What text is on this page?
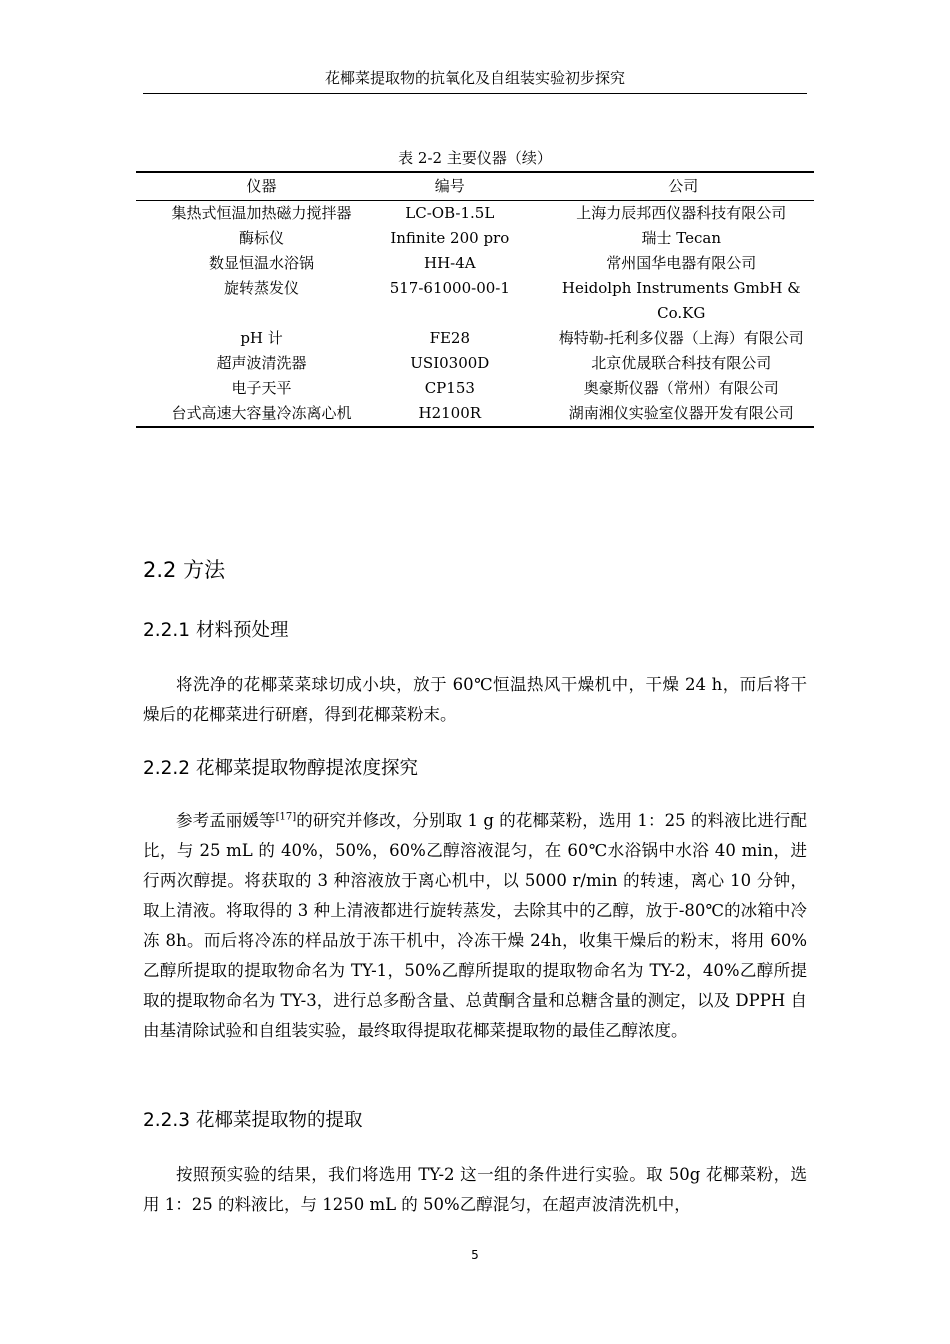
花椰菜提取物的抗氧化及自组装实验初步探究
表 2-2 主要仪器（续）
仪器	编号	公司
集热式恒温加热磁力搅拌器	LC-OB-1.5L	上海力辰邦西仪器科技有限公司
酶标仪	Infinite 200 pro	瑞士 Tecan
数显恒温水浴锅	HH-4A	常州国华电器有限公司
旋转蒸发仪	517-61000-00-1	Heidolph Instruments GmbH & Co.KG
pH 计	FE28	梅特勒-托利多仪器（上海）有限公司
超声波清洗器	USI0300D	北京优晟联合科技有限公司
电子天平	CP153	奥豪斯仪器（常州）有限公司
台式高速大容量冷冻离心机	H2100R	湖南湘仪实验室仪器开发有限公司
2.2 方法
2.2.1 材料预处理

将洗净的花椰菜菜球切成小块，放于 60℃恒温热风干燥机中，干燥 24 h，而后将干燥后的花椰菜进行研磨，得到花椰菜粉末。

2.2.2 花椰菜提取物醇提浓度探究

参考孟丽媛等[17]的研究并修改，分别取 1 g 的花椰菜粉，选用 1：25 的料液比进行配比，与 25 mL 的 40%，50%，60%乙醇溶液混匀，在 60℃水浴锅中水浴 40 min，进行两次醇提。将获取的 3 种溶液放于离心机中，以 5000 r/min 的转速，离心 10 分钟，取上清液。将取得的 3 种上清液都进行旋转蒸发，去除其中的乙醇，放于-80℃的冰箱中冷冻 8h。而后将冷冻的样品放于冻干机中，冷冻干燥 24h，收集干燥后的粉末，将用 60%乙醇所提取的提取物命名为 TY-1，50%乙醇所提取的提取物命名为 TY-2，40%乙醇所提取的提取物命名为 TY-3，进行总多酚含量、总黄酮含量和总糖含量的测定，以及 DPPH 自由基清除试验和自组装实验，最终取得提取花椰菜提取物的最佳乙醇浓度。

2.2.3 花椰菜提取物的提取

按照预实验的结果，我们将选用 TY-2 这一组的条件进行实验。取 50g 花椰菜粉，选用 1：25 的料液比，与 1250 mL 的 50%乙醇混匀，在超声波清洗机中，

5
